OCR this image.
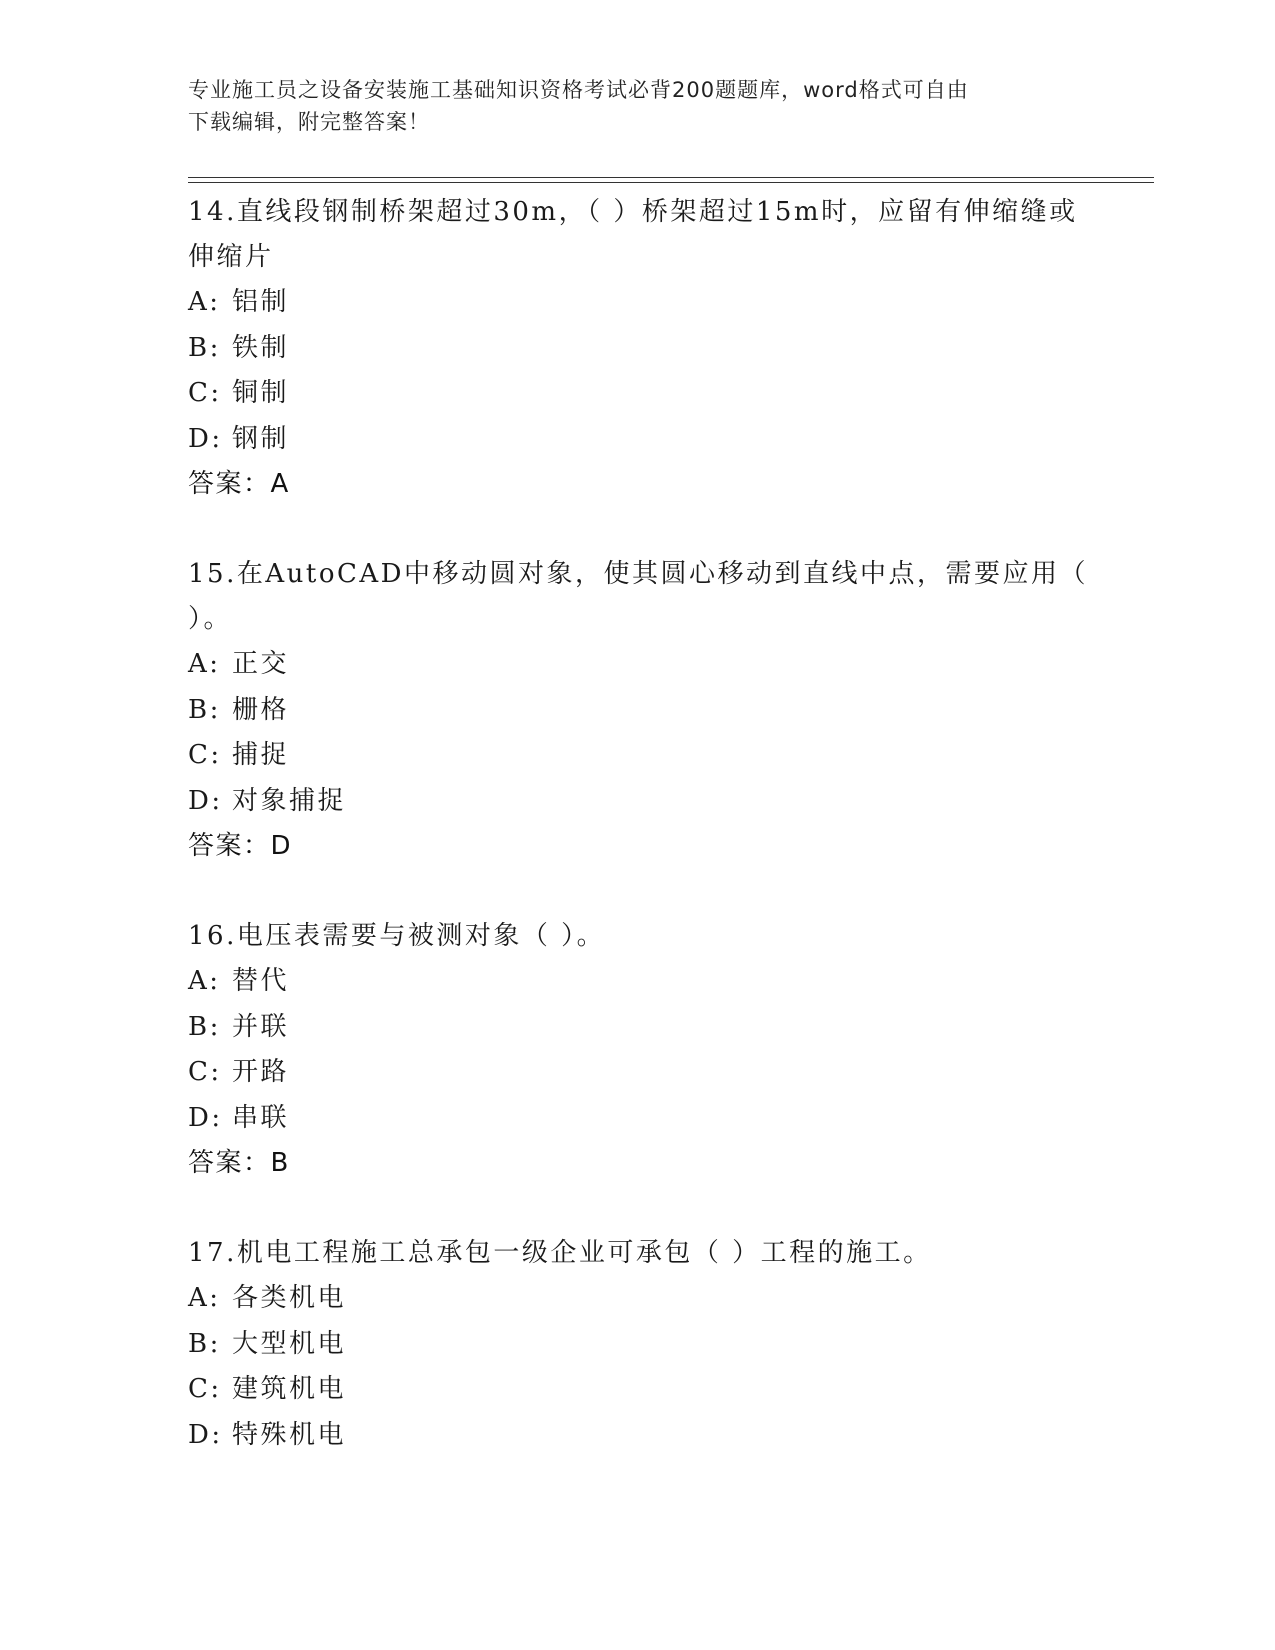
专业施工员之设备安装施工基础知识资格考试必背200题题库，word格式可自由
下载编辑，附完整答案！
14.直线段钢制桥架超过30m，（ ）桥架超过15m时，应留有伸缩缝或
伸缩片
A: 铝制
B: 铁制
C: 铜制
D: 钢制
答案：A
15.在AutoCAD中移动圆对象，使其圆心移动到直线中点，需要应用（
）。
A: 正交
B: 栅格
C: 捕捉
D: 对象捕捉
答案：D
16.电压表需要与被测对象（ ）。
A: 替代
B: 并联
C: 开路
D: 串联
答案：B
17.机电工程施工总承包一级企业可承包（ ）工程的施工。
A: 各类机电
B: 大型机电
C: 建筑机电
D: 特殊机电
